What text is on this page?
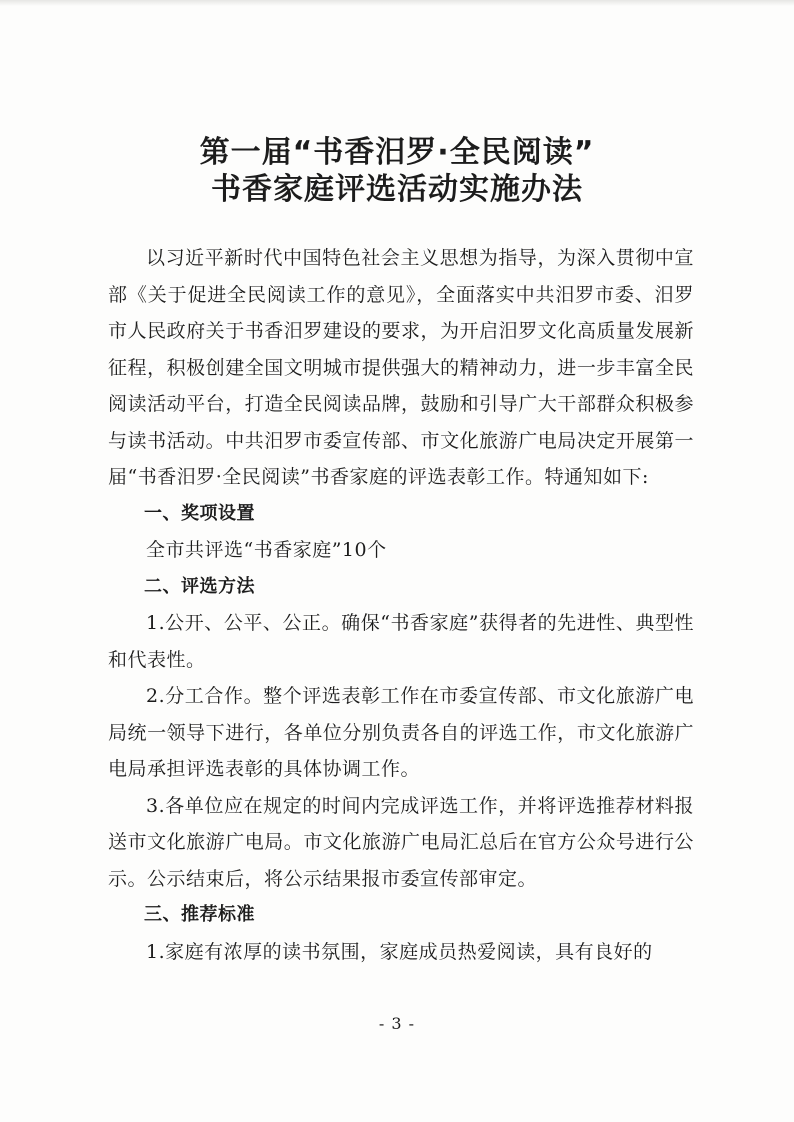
第一届“书香汨罗·全民阅读”
书香家庭评选活动实施办法

以习近平新时代中国特色社会主义思想为指导，为深入贯彻中宣部《关于促进全民阅读工作的意见》，全面落实中共汨罗市委、汨罗市人民政府关于书香汨罗建设的要求，为开启汨罗文化高质量发展新征程，积极创建全国文明城市提供强大的精神动力，进一步丰富全民阅读活动平台，打造全民阅读品牌，鼓励和引导广大干部群众积极参与读书活动。中共汨罗市委宣传部、市文化旅游广电局决定开展第一届“书香汨罗·全民阅读”书香家庭的评选表彰工作。特通知如下:

一、奖项设置

全市共评选“书香家庭”10个

二、评选方法

1.公开、公平、公正。确保“书香家庭”获得者的先进性、典型性和代表性。

2.分工合作。整个评选表彰工作在市委宣传部、市文化旅游广电局统一领导下进行，各单位分别负责各自的评选工作，市文化旅游广电局承担评选表彰的具体协调工作。

3.各单位应在规定的时间内完成评选工作，并将评选推荐材料报送市文化旅游广电局。市文化旅游广电局汇总后在官方公众号进行公示。公示结束后，将公示结果报市委宣传部审定。

三、推荐标准

1.家庭有浓厚的读书氛围，家庭成员热爱阅读，具有良好的

- 3 -
